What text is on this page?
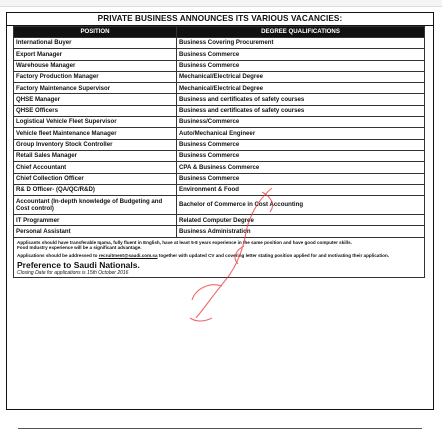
PRIVATE BUSINESS ANNOUNCES ITS VARIOUS VACANCIES:
POSITION	DEGREE QUALIFICATIONS
International Buyer	Business Covering Procurement
Export Manager	Business Commerce
Warehouse Manager	Business Commerce
Factory Production Manager	Mechanical/Electrical Degree
Factory Maintenance Supervisor	Mechanical/Electrical Degree
QHSE Manager	Business and certificates of safety courses
QHSE Officers	Business and certificates of safety courses
Logistical Vehicle Fleet Supervisor	Business/Commerce
Vehicle fleet Maintenance Manager	Auto/Mechanical Engineer
Group Inventory Stock Controller	Business Commerce
Retail Sales Manager	Business Commerce
Chief Accountant	CPA & Business Commerce
Chief Collection Officer	Business Commerce
R& D Officer- (QA/QC/R&D)	Environment & Food
Accountant (In-depth knowledge of Budgeting and Cost control)	Bachelor of Commerce in Cost Accounting
IT Programmer	Related Computer Degree
Personal Assistant	Business Administration
Applicants should have transferable Iqama, fully fluent in English, have at least 5-8 years experience in the same position and have good computer skills.
Food Industry experience will be a significant advantage.
Applications should be addressed to recruitment@saudi.com.sa together with updated CV and covering letter stating position applied for and motivating their application.
Preference to Saudi Nationals.
Closing Date for applications is 15th October 2016
